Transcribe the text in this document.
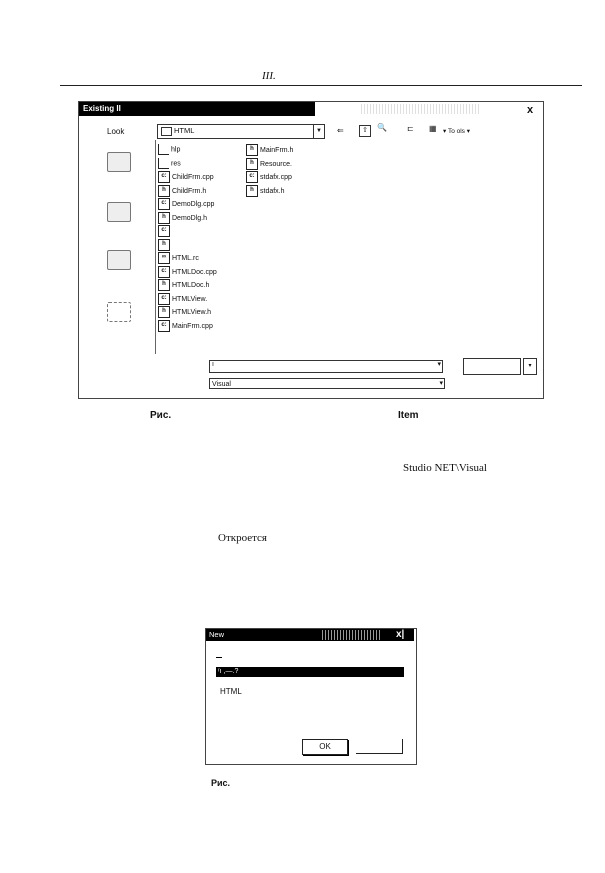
III.
Existing II	x
Look	HTML	▼ ⇐	⇧	🔍	⊏ ▦ ▾ To ols ▾
hlp
res
c: ChildFrm.cpp
h ChildFrm.h
c: DemoDlg.cpp
h DemoDlg.h
c:
h
∞ HTML.rc
c: HTMLDoc.cpp
h HTMLDoc.h
c: HTMLView.
h HTMLView.h
c: MainFrm.cpp
h MainFrm.h
h Resource.
c: stdafx.cpp
h stdafx.h
ı	▾
Visual	▾
▾
Рис.	Item
Studio NET\Visual
Откроется
New	x|
ʳı ,—.?
HTML
OK
Рис.
